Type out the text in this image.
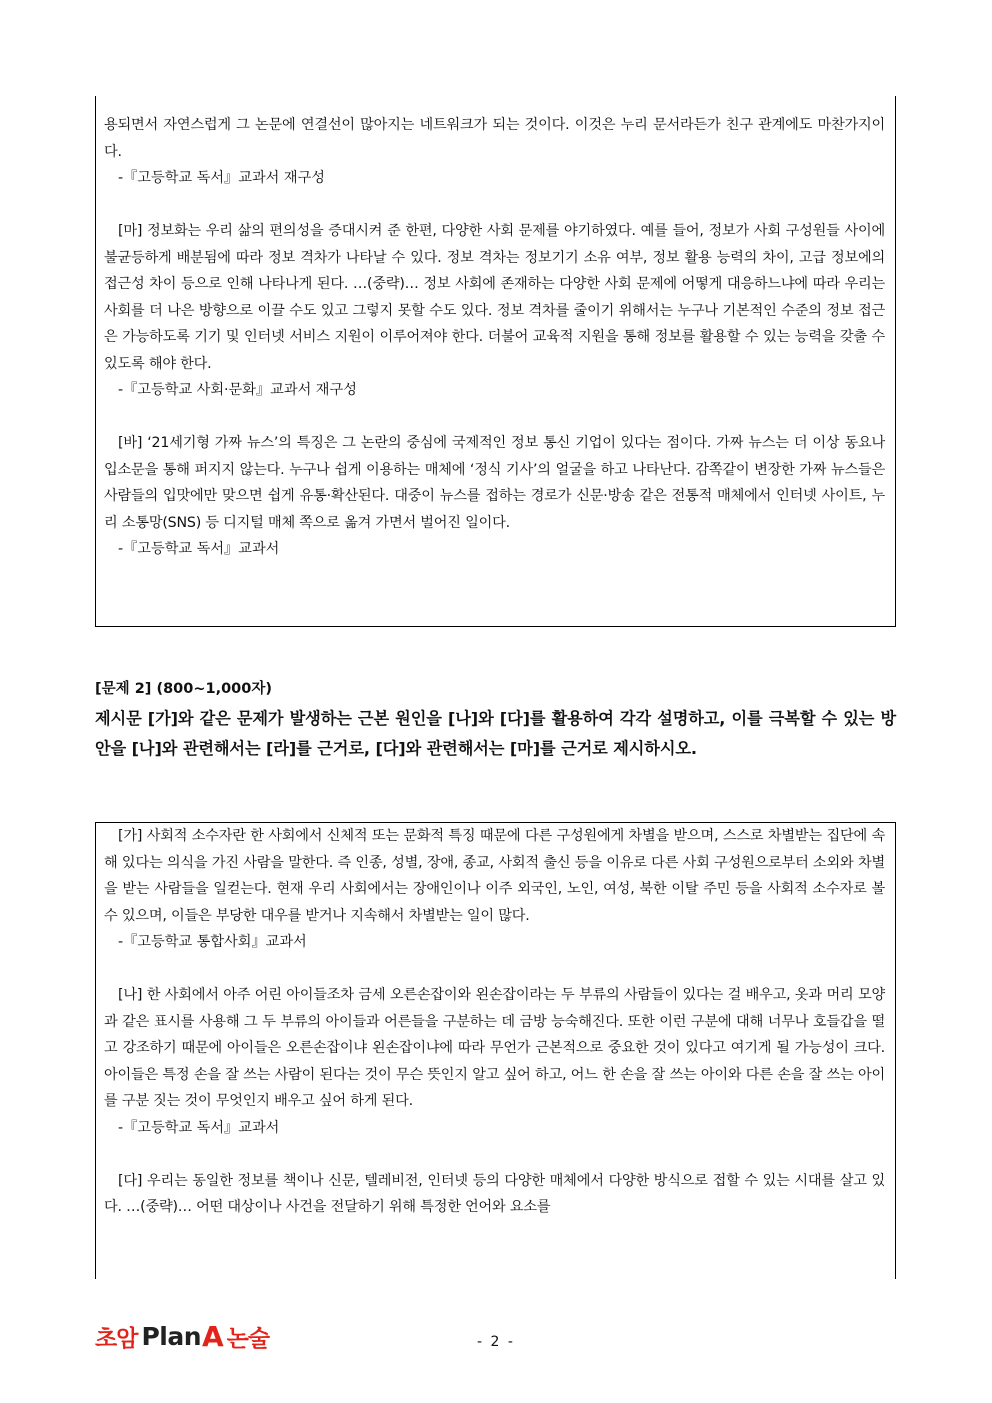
용되면서 자연스럽게 그 논문에 연결선이 많아지는 네트워크가 되는 것이다. 이것은 누리 문서라든가 친구 관계에도 마찬가지이다.

-『고등학교 독서』교과서 재구성

[마] 정보화는 우리 삶의 편의성을 증대시켜 준 한편, 다양한 사회 문제를 야기하였다. 예를 들어, 정보가 사회 구성원들 사이에 불균등하게 배분됨에 따라 정보 격차가 나타날 수 있다. 정보 격차는 정보기기 소유 여부, 정보 활용 능력의 차이, 고급 정보에의 접근성 차이 등으로 인해 나타나게 된다. …(중략)… 정보 사회에 존재하는 다양한 사회 문제에 어떻게 대응하느냐에 따라 우리는 사회를 더 나은 방향으로 이끌 수도 있고 그렇지 못할 수도 있다. 정보 격차를 줄이기 위해서는 누구나 기본적인 수준의 정보 접근은 가능하도록 기기 및 인터넷 서비스 지원이 이루어져야 한다. 더불어 교육적 지원을 통해 정보를 활용할 수 있는 능력을 갖출 수 있도록 해야 한다.

-『고등학교 사회·문화』교과서 재구성

[바] ‘21세기형 가짜 뉴스’의 특징은 그 논란의 중심에 국제적인 정보 통신 기업이 있다는 점이다. 가짜 뉴스는 더 이상 동요나 입소문을 통해 퍼지지 않는다. 누구나 쉽게 이용하는 매체에 ‘정식 기사’의 얼굴을 하고 나타난다. 감쪽같이 변장한 가짜 뉴스들은 사람들의 입맛에만 맞으면 쉽게 유통·확산된다. 대중이 뉴스를 접하는 경로가 신문·방송 같은 전통적 매체에서 인터넷 사이트, 누리 소통망(SNS) 등 디지털 매체 쪽으로 옮겨 가면서 벌어진 일이다.

-『고등학교 독서』교과서

[문제 2] (800~1,000자)

제시문 [가]와 같은 문제가 발생하는 근본 원인을 [나]와 [다]를 활용하여 각각 설명하고, 이를 극복할 수 있는 방안을 [나]와 관련해서는 [라]를 근거로, [다]와 관련해서는 [마]를 근거로 제시하시오.

[가] 사회적 소수자란 한 사회에서 신체적 또는 문화적 특징 때문에 다른 구성원에게 차별을 받으며, 스스로 차별받는 집단에 속해 있다는 의식을 가진 사람을 말한다. 즉 인종, 성별, 장애, 종교, 사회적 출신 등을 이유로 다른 사회 구성원으로부터 소외와 차별을 받는 사람들을 일컫는다. 현재 우리 사회에서는 장애인이나 이주 외국인, 노인, 여성, 북한 이탈 주민 등을 사회적 소수자로 볼 수 있으며, 이들은 부당한 대우를 받거나 지속해서 차별받는 일이 많다.

-『고등학교 통합사회』교과서

[나] 한 사회에서 아주 어린 아이들조차 금세 오른손잡이와 왼손잡이라는 두 부류의 사람들이 있다는 걸 배우고, 옷과 머리 모양과 같은 표시를 사용해 그 두 부류의 아이들과 어른들을 구분하는 데 금방 능숙해진다. 또한 이런 구분에 대해 너무나 호들갑을 떨고 강조하기 때문에 아이들은 오른손잡이냐 왼손잡이냐에 따라 무언가 근본적으로 중요한 것이 있다고 여기게 될 가능성이 크다. 아이들은 특정 손을 잘 쓰는 사람이 된다는 것이 무슨 뜻인지 알고 싶어 하고, 어느 한 손을 잘 쓰는 아이와 다른 손을 잘 쓰는 아이를 구분 짓는 것이 무엇인지 배우고 싶어 하게 된다.

-『고등학교 독서』교과서

[다] 우리는 동일한 정보를 책이나 신문, 텔레비전, 인터넷 등의 다양한 매체에서 다양한 방식으로 접할 수 있는 시대를 살고 있다. …(중략)… 어떤 대상이나 사건을 전달하기 위해 특정한 언어와 요소를

초암 Plan A 논술	- 2 -
